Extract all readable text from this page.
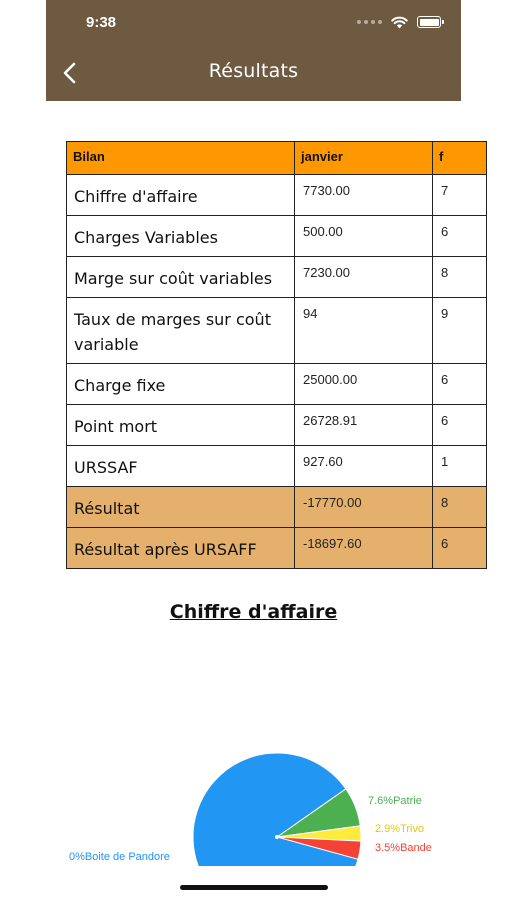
9:38
Résultats
Bilan	janvier	f
Chiffre d'affaire	7730.00	7
Charges Variables	500.00	6
Marge sur coût variables	7230.00	8
Taux de marges sur coût variable	94	9
Charge fixe	25000.00	6
Point mort	26728.91	6
URSSAF	927.60	1
Résultat	-17770.00	8
Résultat après URSAFF	-18697.60	6
Chiffre d'affaire
7.6%Patrie
2.9%Trivo
3.5%Bande
0%Boite de Pandore
